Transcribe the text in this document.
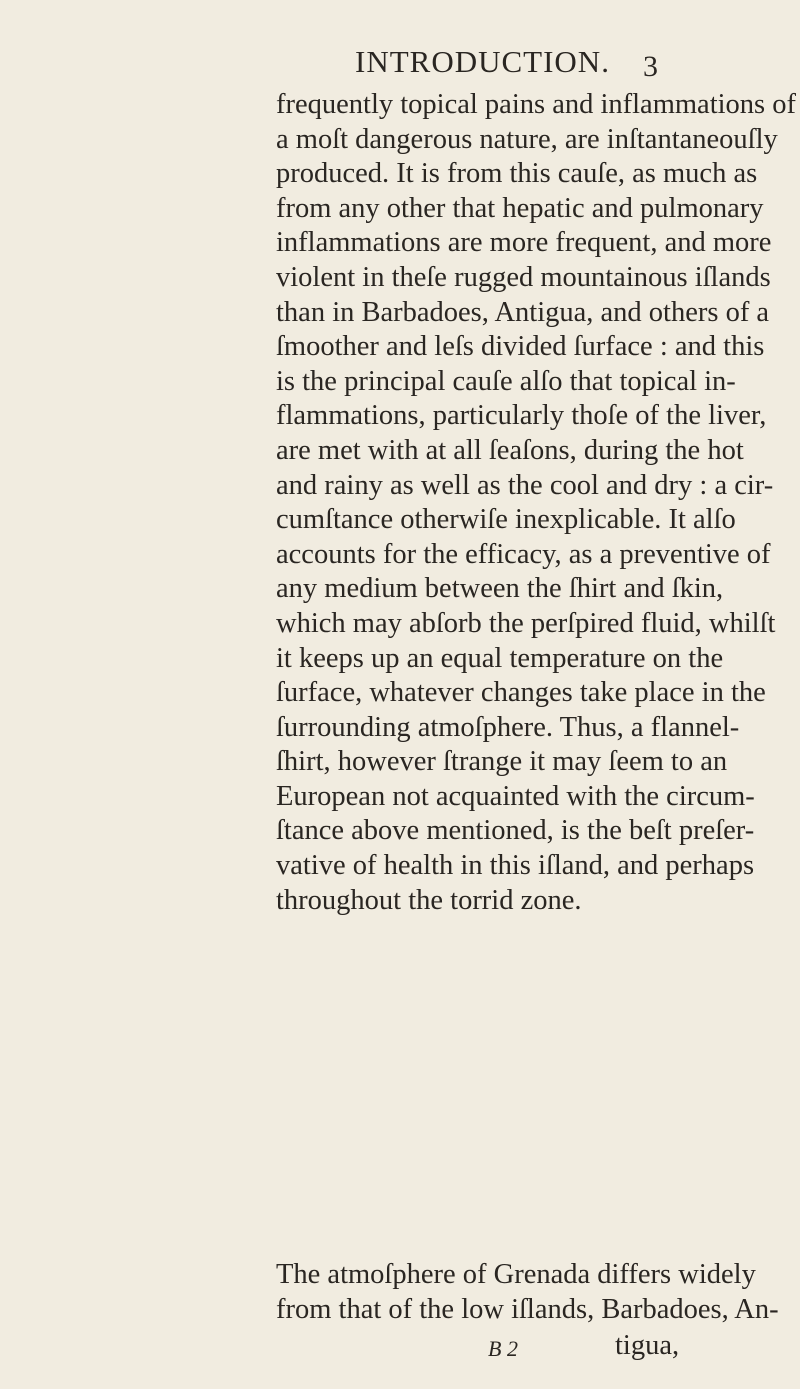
INTRODUCTION. 3
frequently topical pains and inflammations of
a moſt dangerous nature, are inſtantaneouſly
produced. It is from this cauſe, as much as
from any other that hepatic and pulmonary
inflammations are more frequent, and more
violent in theſe rugged mountainous iſlands
than in Barbadoes, Antigua, and others of a
ſmoother and leſs divided ſurface : and this
is the principal cauſe alſo that topical in-
flammations, particularly thoſe of the liver,
are met with at all ſeaſons, during the hot
and rainy as well as the cool and dry : a cir-
cumſtance otherwiſe inexplicable. It alſo
accounts for the efficacy, as a preventive of
any medium between the ſhirt and ſkin,
which may abſorb the perſpired fluid, whilſt
it keeps up an equal temperature on the
ſurface, whatever changes take place in the
ſurrounding atmoſphere. Thus, a flannel-
ſhirt, however ſtrange it may ſeem to an
European not acquainted with the circum-
ſtance above mentioned, is the beſt preſer-
vative of health in this iſland, and perhaps
throughout the torrid zone.
The atmoſphere of Grenada differs widely
from that of the low iſlands, Barbadoes, An-
B 2	tigua,
